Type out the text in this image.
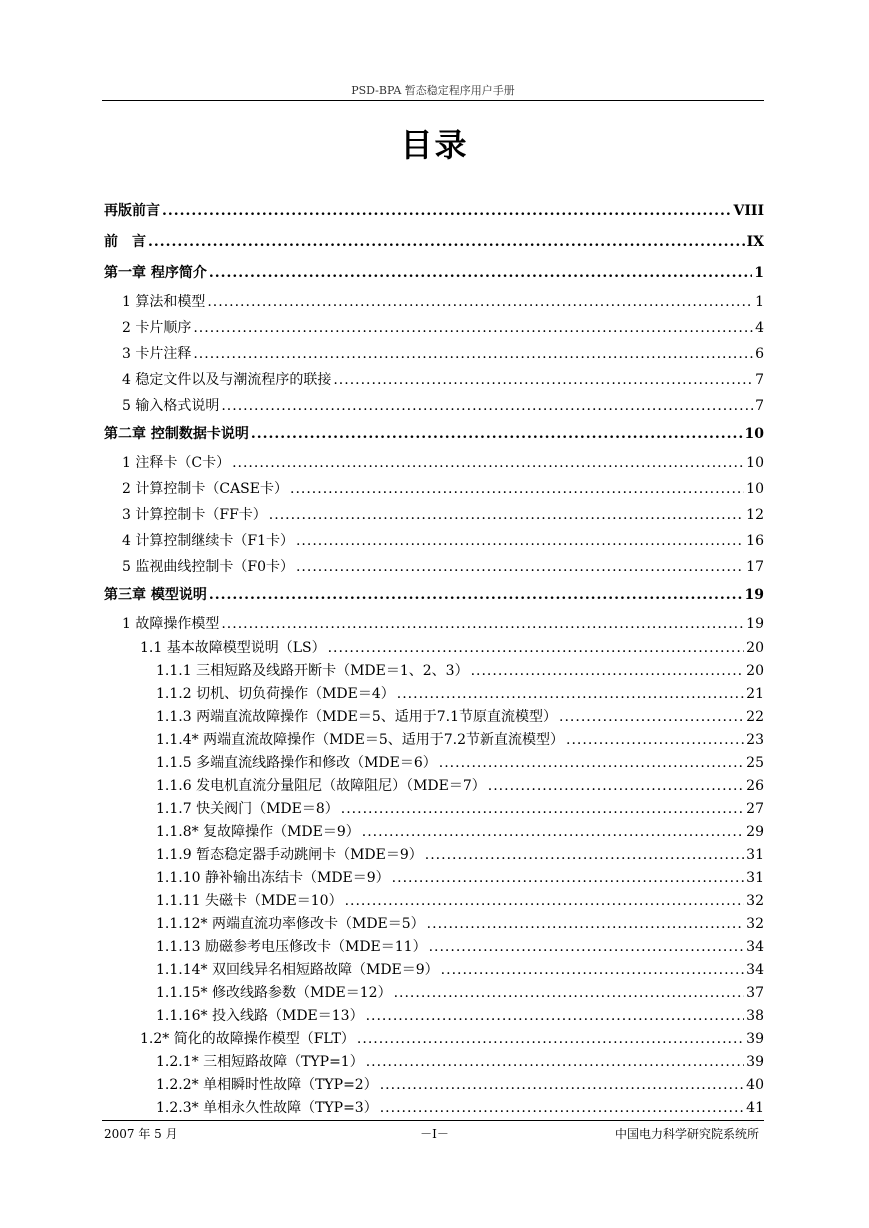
PSD-BPA 暂态稳定程序用户手册
目录
再版前言 .....	VIII
前　言 .....	IX
第一章 程序简介 .....	1
1 算法和模型 .....	1
2 卡片顺序 .....	4
3 卡片注释 .....	6
4 稳定文件以及与潮流程序的联接 .....	7
5 输入格式说明 .....	7
第二章 控制数据卡说明 .....	10
1 注释卡（C卡） .....	10
2 计算控制卡（CASE卡） .....	10
3 计算控制卡（FF卡） .....	12
4 计算控制继续卡（F1卡） .....	16
5 监视曲线控制卡（F0卡） .....	17
第三章 模型说明 .....	19
1 故障操作模型 .....	19
1.1 基本故障模型说明（LS） .....	20
1.1.1 三相短路及线路开断卡（MDE＝1、2、3） .....	20
1.1.2 切机、切负荷操作（MDE＝4） .....	21
1.1.3 两端直流故障操作（MDE＝5、适用于7.1节原直流模型） .....	22
1.1.4* 两端直流故障操作（MDE＝5、适用于7.2节新直流模型） .....	23
1.1.5 多端直流线路操作和修改（MDE＝6） .....	25
1.1.6 发电机直流分量阻尼（故障阻尼）（MDE＝7） .....	26
1.1.7 快关阀门（MDE＝8） .....	27
1.1.8* 复故障操作（MDE＝9） .....	29
1.1.9 暂态稳定器手动跳闸卡（MDE＝9） .....	31
1.1.10 静补输出冻结卡（MDE＝9） .....	31
1.1.11 失磁卡（MDE＝10） .....	32
1.1.12* 两端直流功率修改卡（MDE＝5） .....	32
1.1.13 励磁参考电压修改卡（MDE＝11） .....	34
1.1.14* 双回线异名相短路故障（MDE＝9） .....	34
1.1.15* 修改线路参数（MDE＝12） .....	37
1.1.16* 投入线路（MDE＝13） .....	38
1.2* 简化的故障操作模型（FLT） .....	39
1.2.1* 三相短路故障（TYP=1） .....	39
1.2.2* 单相瞬时性故障（TYP=2） .....	40
1.2.3* 单相永久性故障（TYP=3） .....	41
2007 年 5 月	－I－	中国电力科学研究院系统所
